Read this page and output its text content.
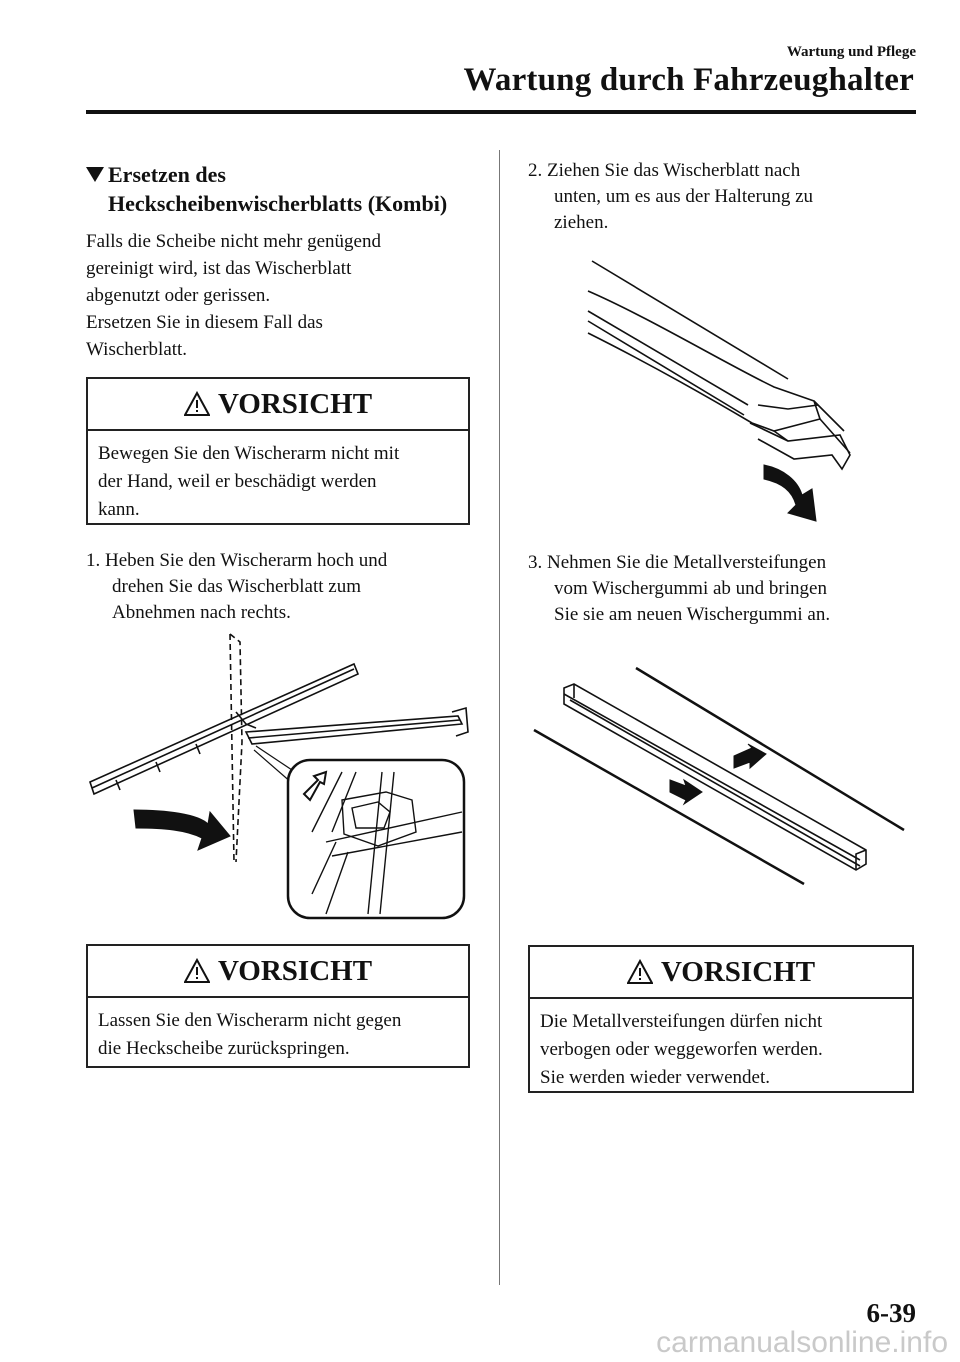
Wartung und Pflege
Wartung durch Fahrzeughalter
Ersetzen des
Heckscheibenwischerblatts (Kombi)
Falls die Scheibe nicht mehr genügend
gereinigt wird, ist das Wischerblatt
abgenutzt oder gerissen.
Ersetzen Sie in diesem Fall das
Wischerblatt.
VORSICHT
Bewegen Sie den Wischerarm nicht mit
der Hand, weil er beschädigt werden
kann.
1. Heben Sie den Wischerarm hoch und
drehen Sie das Wischerblatt zum
Abnehmen nach rechts.
VORSICHT
Lassen Sie den Wischerarm nicht gegen
die Heckscheibe zurückspringen.
2. Ziehen Sie das Wischerblatt nach
unten, um es aus der Halterung zu
ziehen.
3. Nehmen Sie die Metallversteifungen
vom Wischergummi ab und bringen
Sie sie am neuen Wischergummi an.
VORSICHT
Die Metallversteifungen dürfen nicht
verbogen oder weggeworfen werden.
Sie werden wieder verwendet.
6-39
carmanualsonline.info
